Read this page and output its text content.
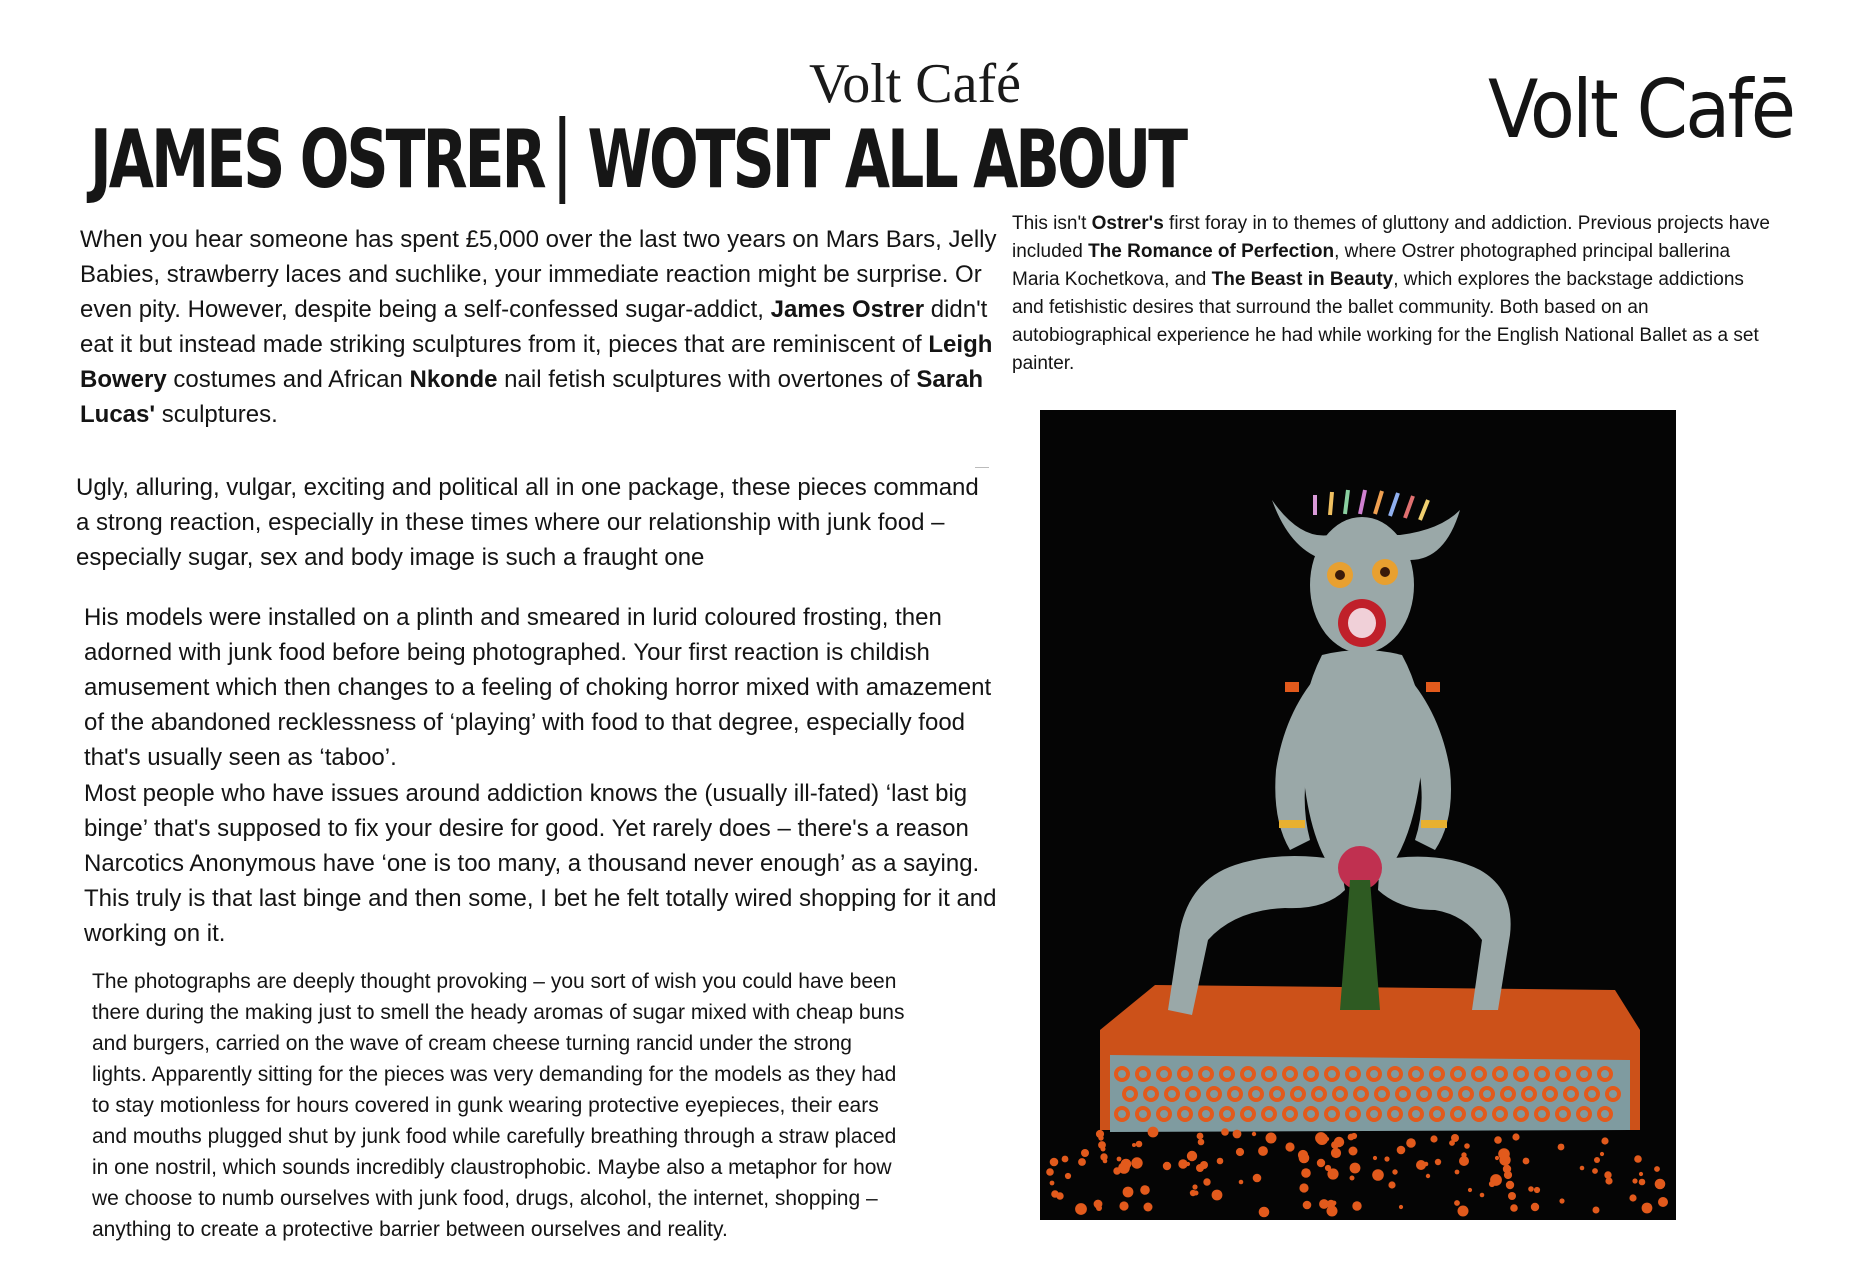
Volt Café	Volt Cafē
JAMES OSTRER WOTSIT ALL ABOUT

When you hear someone has spent £5,000 over the last two years on Mars Bars, Jelly Babies, strawberry laces and suchlike, your immediate reaction might be surprise. Or even pity. However, despite being a self-confessed sugar-addict, James Ostrer didn't eat it but instead made striking sculptures from it, pieces that are reminiscent of Leigh Bowery costumes and African Nkonde nail fetish sculptures with overtones of Sarah Lucas' sculptures.

Ugly, alluring, vulgar, exciting and political all in one package, these pieces command a strong reaction, especially in these times where our relationship with junk food – especially sugar, sex and body image is such a fraught one

His models were installed on a plinth and smeared in lurid coloured frosting, then adorned with junk food before being photographed. Your first reaction is childish amusement which then changes to a feeling of choking horror mixed with amazement of the abandoned recklessness of ‘playing’ with food to that degree, especially food that's usually seen as ‘taboo’.

Most people who have issues around addiction knows the (usually ill-fated) ‘last big binge’ that's supposed to fix your desire for good. Yet rarely does – there's a reason Narcotics Anonymous have ‘one is too many, a thousand never enough’ as a saying. This truly is that last binge and then some, I bet he felt totally wired shopping for it and working on it.

The photographs are deeply thought provoking – you sort of wish you could have been there during the making just to smell the heady aromas of sugar mixed with cheap buns and burgers, carried on the wave of cream cheese turning rancid under the strong lights. Apparently sitting for the pieces was very demanding for the models as they had to stay motionless for hours covered in gunk wearing protective eyepieces, their ears and mouths plugged shut by junk food while carefully breathing through a straw placed in one nostril, which sounds incredibly claustrophobic. Maybe also a metaphor for how we choose to numb ourselves with junk food, drugs, alcohol, the internet, shopping – anything to create a protective barrier between ourselves and reality.

This isn't Ostrer's first foray in to themes of gluttony and addiction. Previous projects have included The Romance of Perfection, where Ostrer photographed principal ballerina Maria Kochetkova, and The Beast in Beauty, which explores the backstage addictions and fetishistic desires that surround the ballet community. Both based on an autobiographical experience he had while working for the English National Ballet as a set painter.
